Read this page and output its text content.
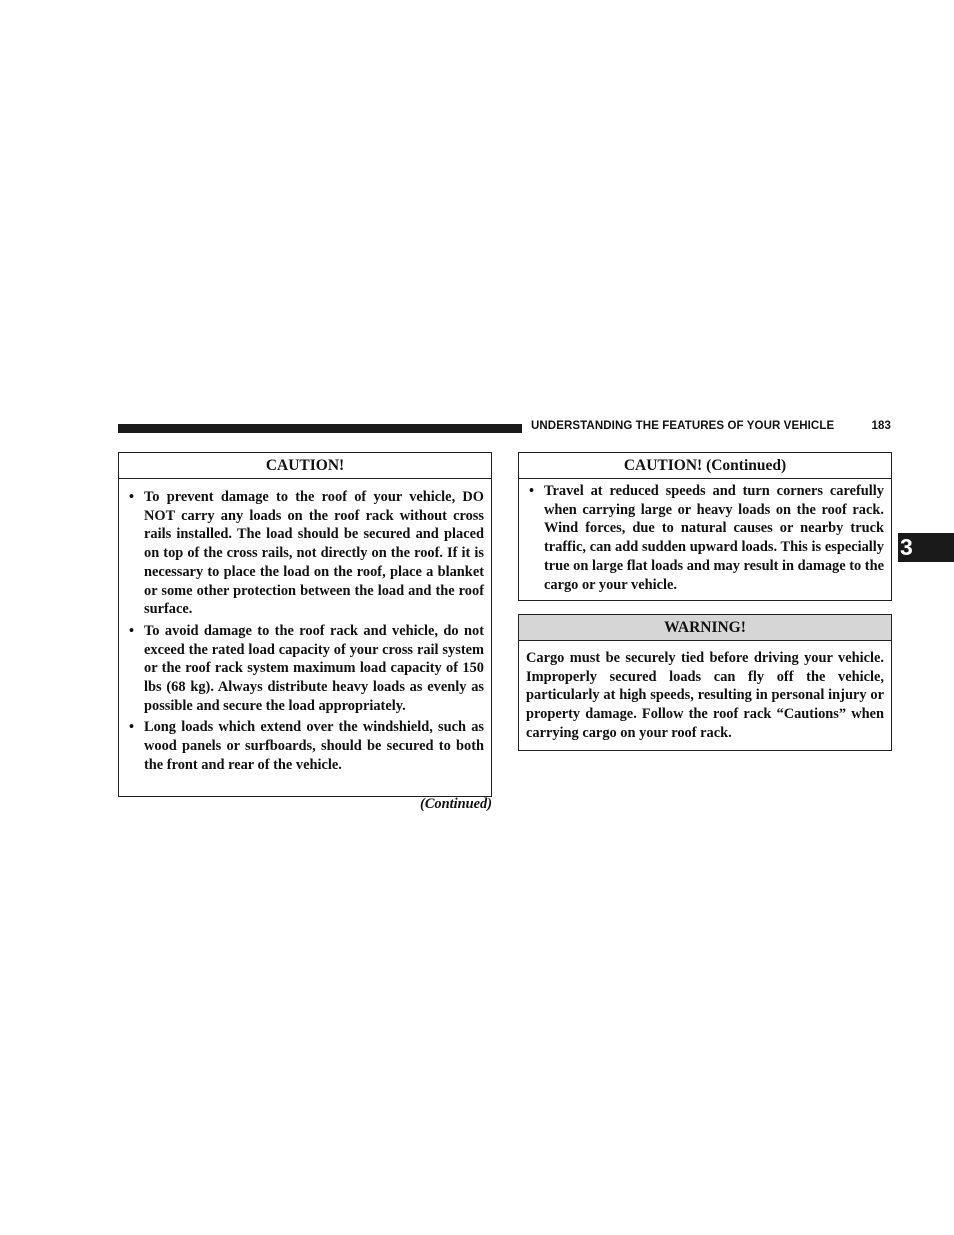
UNDERSTANDING THE FEATURES OF YOUR VEHICLE	183
3
CAUTION!
• To prevent damage to the roof of your vehicle, DO NOT carry any loads on the roof rack without cross rails installed. The load should be secured and placed on top of the cross rails, not directly on the roof. If it is necessary to place the load on the roof, place a blanket or some other protection between the load and the roof surface.
• To avoid damage to the roof rack and vehicle, do not exceed the rated load capacity of your cross rail system or the roof rack system maximum load capacity of 150 lbs (68 kg). Always distribute heavy loads as evenly as possible and secure the load appropriately.
• Long loads which extend over the windshield, such as wood panels or surfboards, should be secured to both the front and rear of the vehicle.
(Continued)
CAUTION! (Continued)
• Travel at reduced speeds and turn corners carefully when carrying large or heavy loads on the roof rack. Wind forces, due to natural causes or nearby truck traffic, can add sudden upward loads. This is especially true on large flat loads and may result in damage to the cargo or your vehicle.
WARNING!
Cargo must be securely tied before driving your vehicle. Improperly secured loads can fly off the vehicle, particularly at high speeds, resulting in personal injury or property damage. Follow the roof rack “Cautions” when carrying cargo on your roof rack.
